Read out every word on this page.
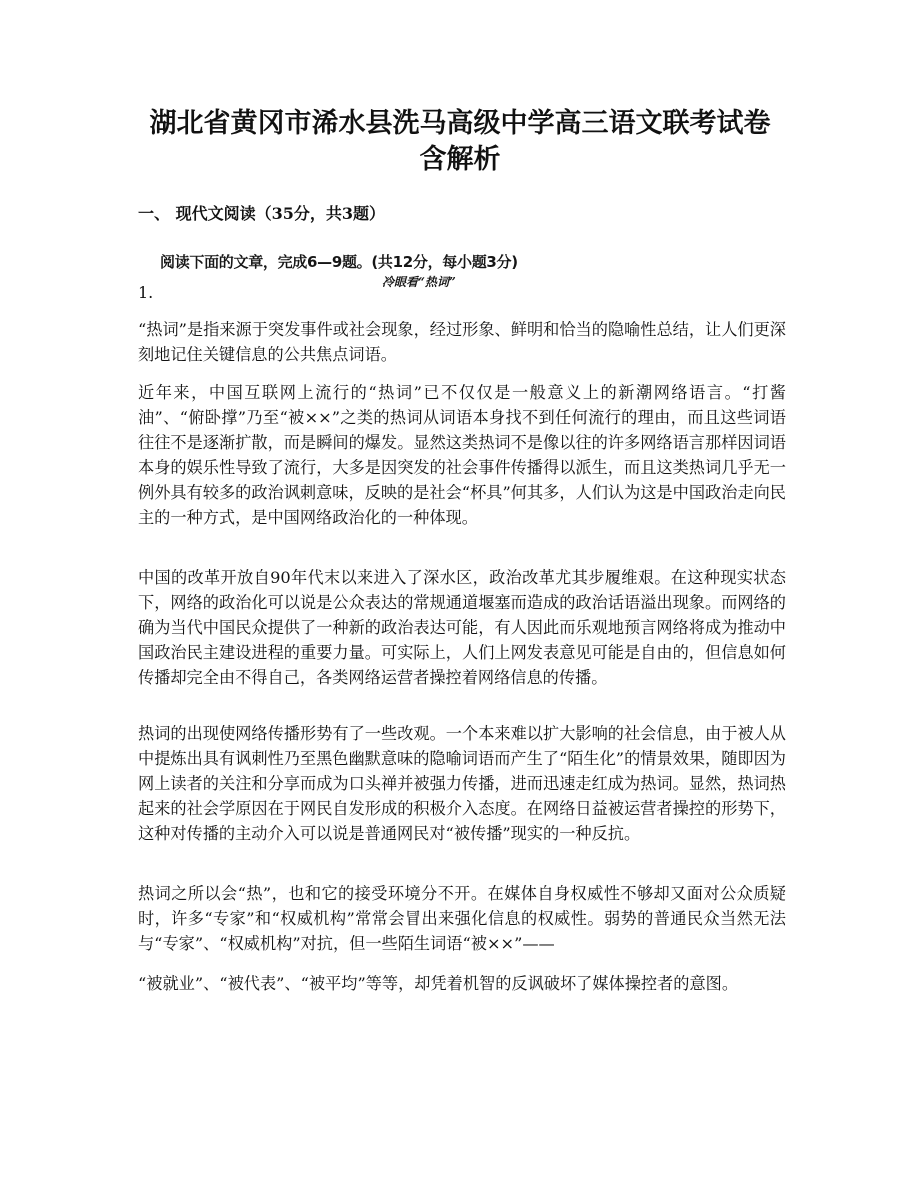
湖北省黄冈市浠水县洗马高级中学高三语文联考试卷
含解析
一、 现代文阅读（35分，共3题）
阅读下面的文章，完成6—9题。(共12分，每小题3分)
冷眼看“热词”
1.

“热词”是指来源于突发事件或社会现象，经过形象、鲜明和恰当的隐喻性总结，让人们更深刻地记住关键信息的公共焦点词语。

近年来，中国互联网上流行的“热词”已不仅仅是一般意义上的新潮网络语言。“打酱油”、“俯卧撑”乃至“被××”之类的热词从词语本身找不到任何流行的理由，而且这些词语往往不是逐渐扩散，而是瞬间的爆发。显然这类热词不是像以往的许多网络语言那样因词语本身的娱乐性导致了流行，大多是因突发的社会事件传播得以派生，而且这类热词几乎无一例外具有较多的政治讽刺意味，反映的是社会“杯具”何其多，人们认为这是中国政治走向民主的一种方式，是中国网络政治化的一种体现。

中国的改革开放自90年代末以来进入了深水区，政治改革尤其步履维艰。在这种现实状态下，网络的政治化可以说是公众表达的常规通道堰塞而造成的政治话语溢出现象。而网络的确为当代中国民众提供了一种新的政治表达可能，有人因此而乐观地预言网络将成为推动中国政治民主建设进程的重要力量。可实际上，人们上网发表意见可能是自由的，但信息如何传播却完全由不得自己，各类网络运营者操控着网络信息的传播。

热词的出现使网络传播形势有了一些改观。一个本来难以扩大影响的社会信息，由于被人从中提炼出具有讽刺性乃至黑色幽默意味的隐喻词语而产生了“陌生化”的情景效果，随即因为网上读者的关注和分享而成为口头禅并被强力传播，进而迅速走红成为热词。显然，热词热起来的社会学原因在于网民自发形成的积极介入态度。在网络日益被运营者操控的形势下，这种对传播的主动介入可以说是普通网民对“被传播”现实的一种反抗。

热词之所以会“热”，也和它的接受环境分不开。在媒体自身权威性不够却又面对公众质疑时，许多“专家”和“权威机构”常常会冒出来强化信息的权威性。弱势的普通民众当然无法与“专家”、“权威机构”对抗，但一些陌生词语“被××”——

“被就业”、“被代表”、“被平均”等等，却凭着机智的反讽破坏了媒体操控者的意图。
